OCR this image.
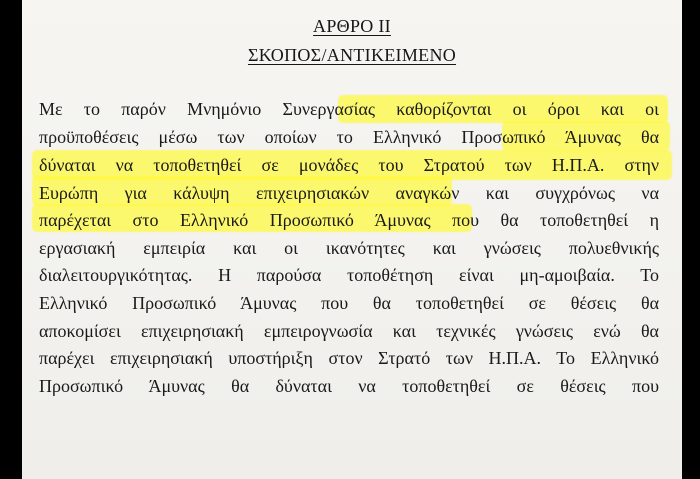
ΑΡΘΡΟ ΙΙ
ΣΚΟΠΟΣ/ΑΝΤΙΚΕΙΜΕΝΟ
Με το παρόν Μνημόνιο Συνεργασίας καθορίζονται οι όροι και οι
προϋποθέσεις μέσω των οποίων το Ελληνικό Προσωπικό Άμυνας θα
δύναται να τοποθετηθεί σε μονάδες του Στρατού των Η.Π.Α. στην
Ευρώπη για κάλυψη επιχειρησιακών αναγκών και συγχρόνως να
παρέχεται στο Ελληνικό Προσωπικό Άμυνας που θα τοποθετηθεί η
εργασιακή εμπειρία και οι ικανότητες και γνώσεις πολυεθνικής
διαλειτουργικότητας. Η παρούσα τοποθέτηση είναι μη-αμοιβαία. Το
Ελληνικό Προσωπικό Άμυνας που θα τοποθετηθεί σε θέσεις θα
αποκομίσει επιχειρησιακή εμπειρογνωσία και τεχνικές γνώσεις ενώ θα
παρέχει επιχειρησιακή υποστήριξη στον Στρατό των Η.Π.Α. Το Ελληνικό
Προσωπικό Άμυνας θα δύναται να τοποθετηθεί σε θέσεις που
